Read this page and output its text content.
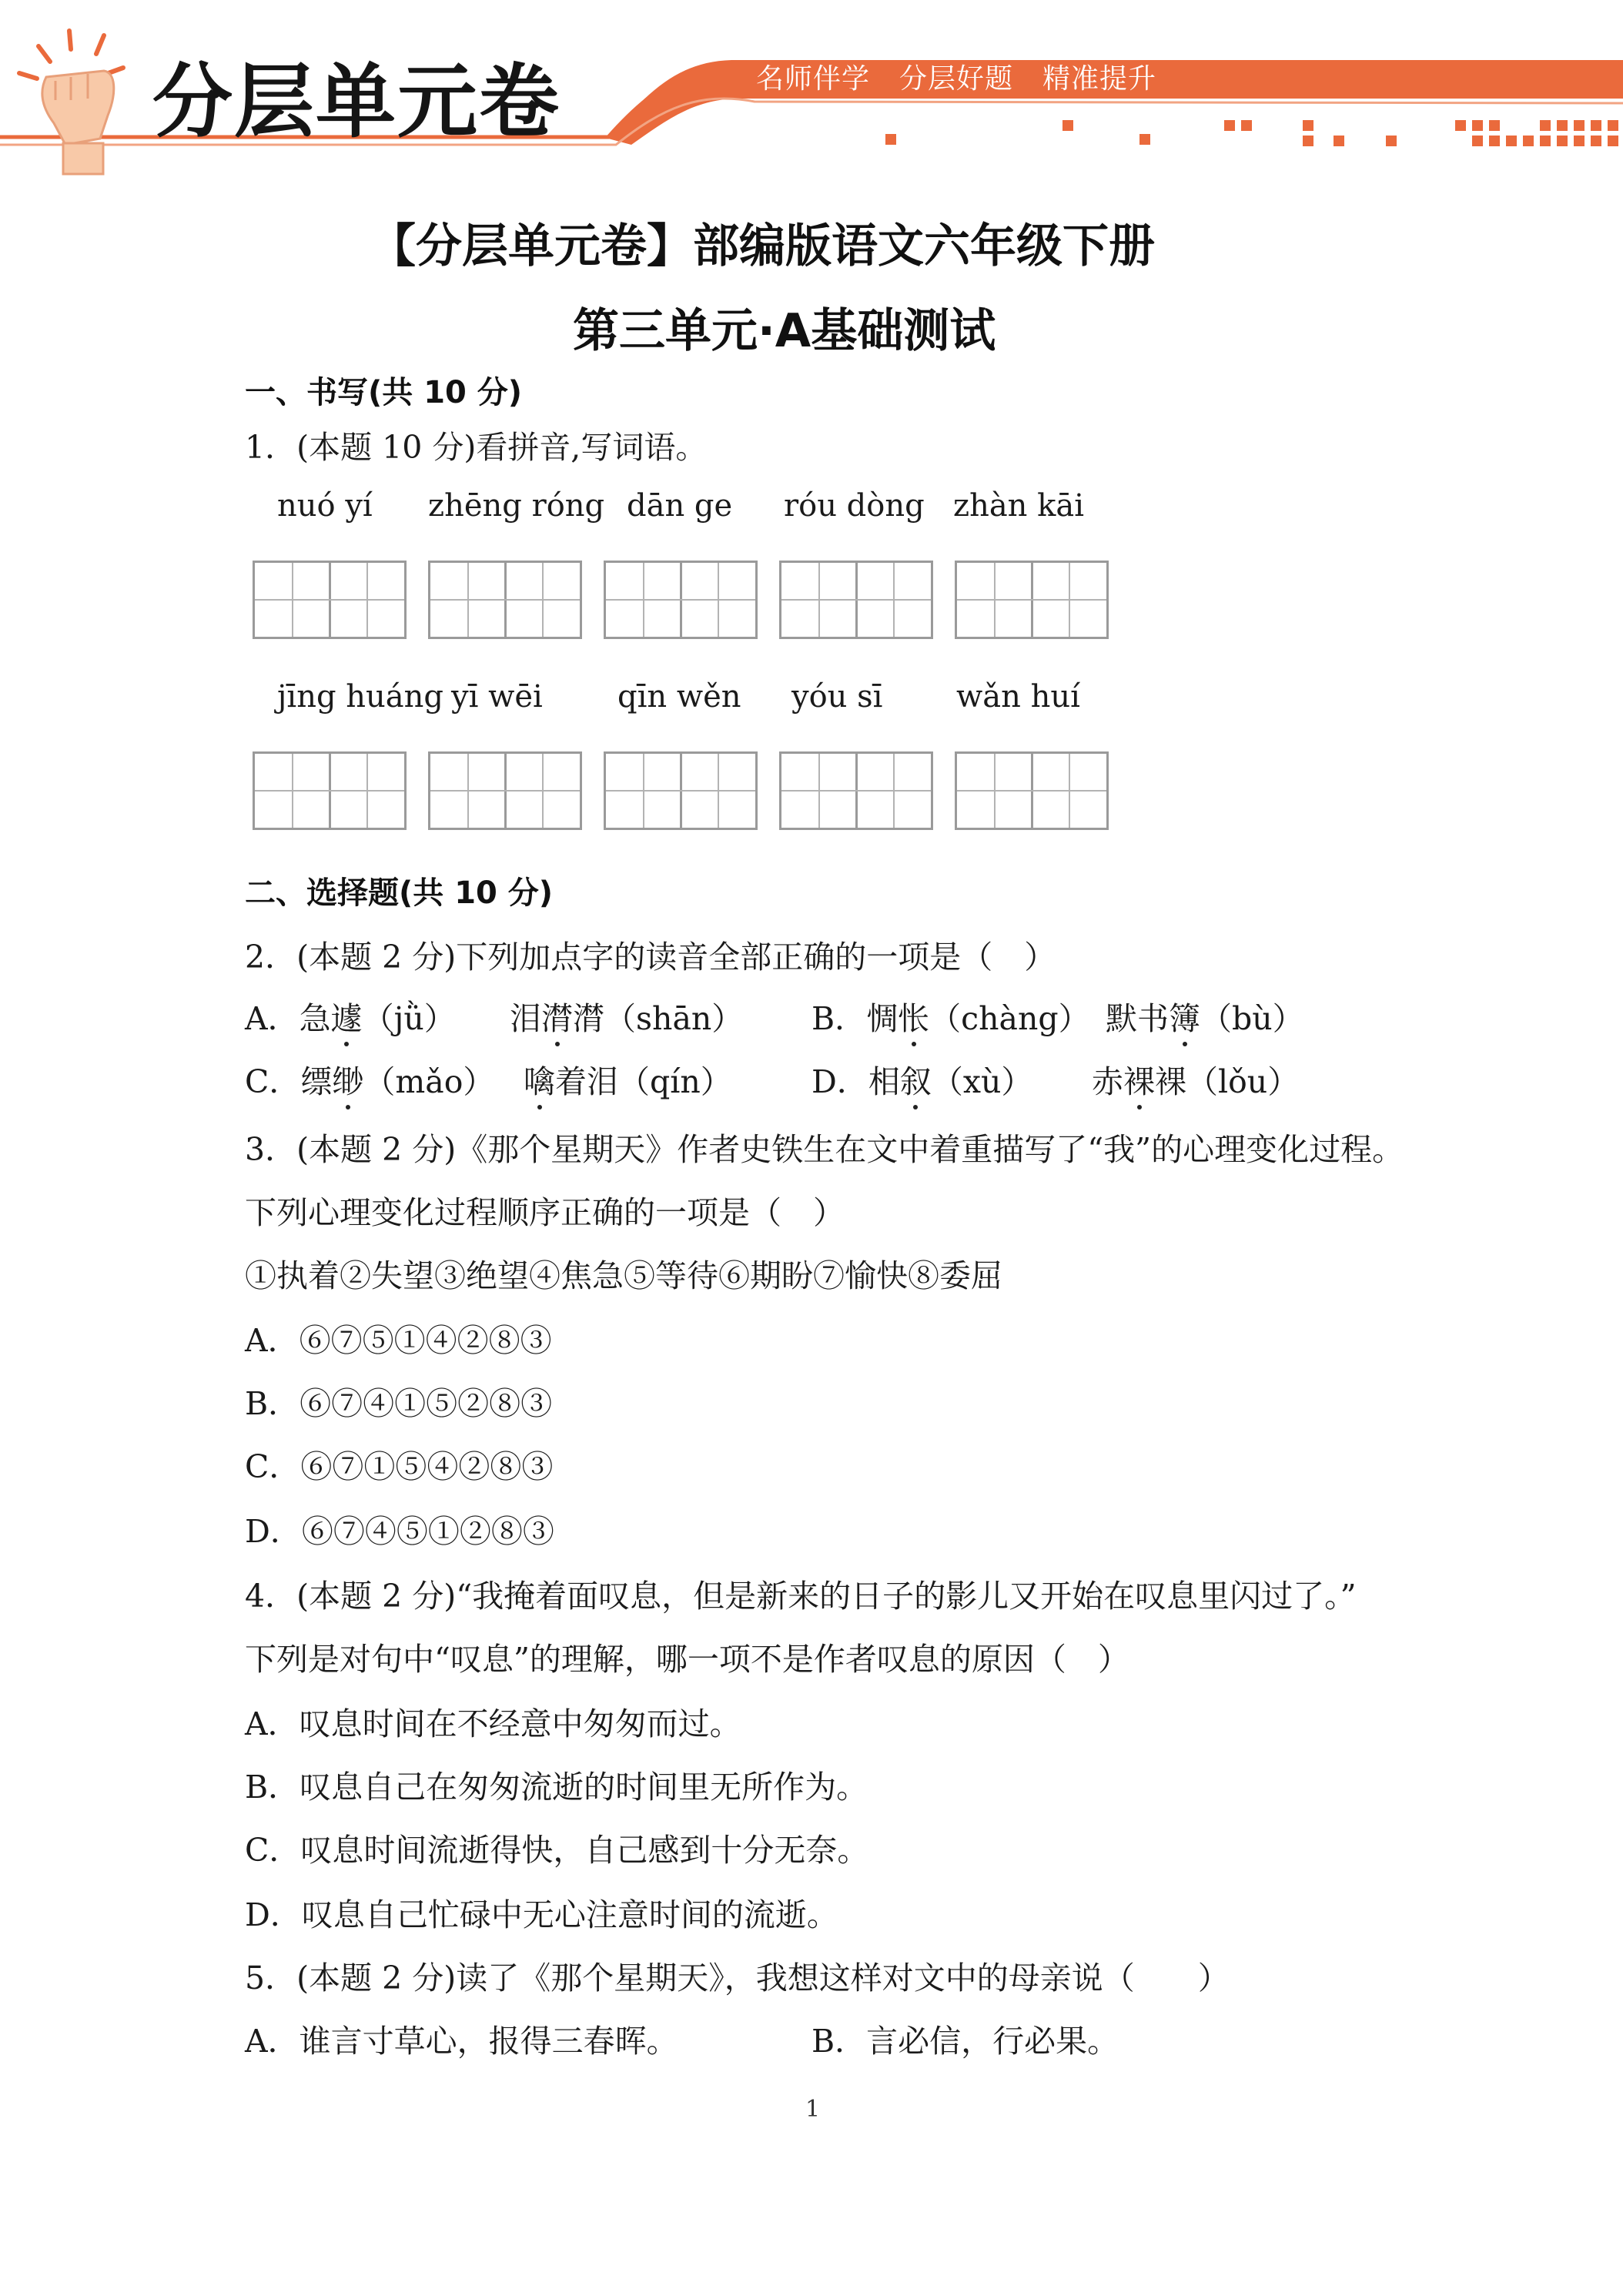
分层单元卷	名师伴学 分层好题 精准提升
【分层单元卷】部编版语文六年级下册
第三单元·A基础测试
一、书写(共 10 分)
1．(本题 10 分)看拼音,写词语。
nuó yí zhēng róng dān ge róu dòng zhàn kāi
jīng huáng yī wēi qīn wěn yóu sī wǎn huí
二、选择题(共 10 分)
2．(本题 2 分)下列加点字的读音全部正确的一项是（　）
A．急遽（jǜ） 泪潸潸（shān） B．惆怅（chàng） 默书簿（bù）
C．缥缈（mǎo） 噙着泪（qín）	D．相叙（xù） 赤裸裸（lǒu）
3．(本题 2 分)《那个星期天》作者史铁生在文中着重描写了“我”的心理变化过程。
下列心理变化过程顺序正确的一项是（　）
①执着②失望③绝望④焦急⑤等待⑥期盼⑦愉快⑧委屈
A．⑥⑦⑤①④②⑧③
B．⑥⑦④①⑤②⑧③
C．⑥⑦①⑤④②⑧③
D．⑥⑦④⑤①②⑧③
4．(本题 2 分)“我掩着面叹息，但是新来的日子的影儿又开始在叹息里闪过了。”
下列是对句中“叹息”的理解，哪一项不是作者叹息的原因（　）
A．叹息时间在不经意中匆匆而过。
B．叹息自己在匆匆流逝的时间里无所作为。
C．叹息时间流逝得快，自己感到十分无奈。
D．叹息自己忙碌中无心注意时间的流逝。
5．(本题 2 分)读了《那个星期天》，我想这样对文中的母亲说（　　）
A．谁言寸草心，报得三春晖。	B．言必信，行必果。
1
